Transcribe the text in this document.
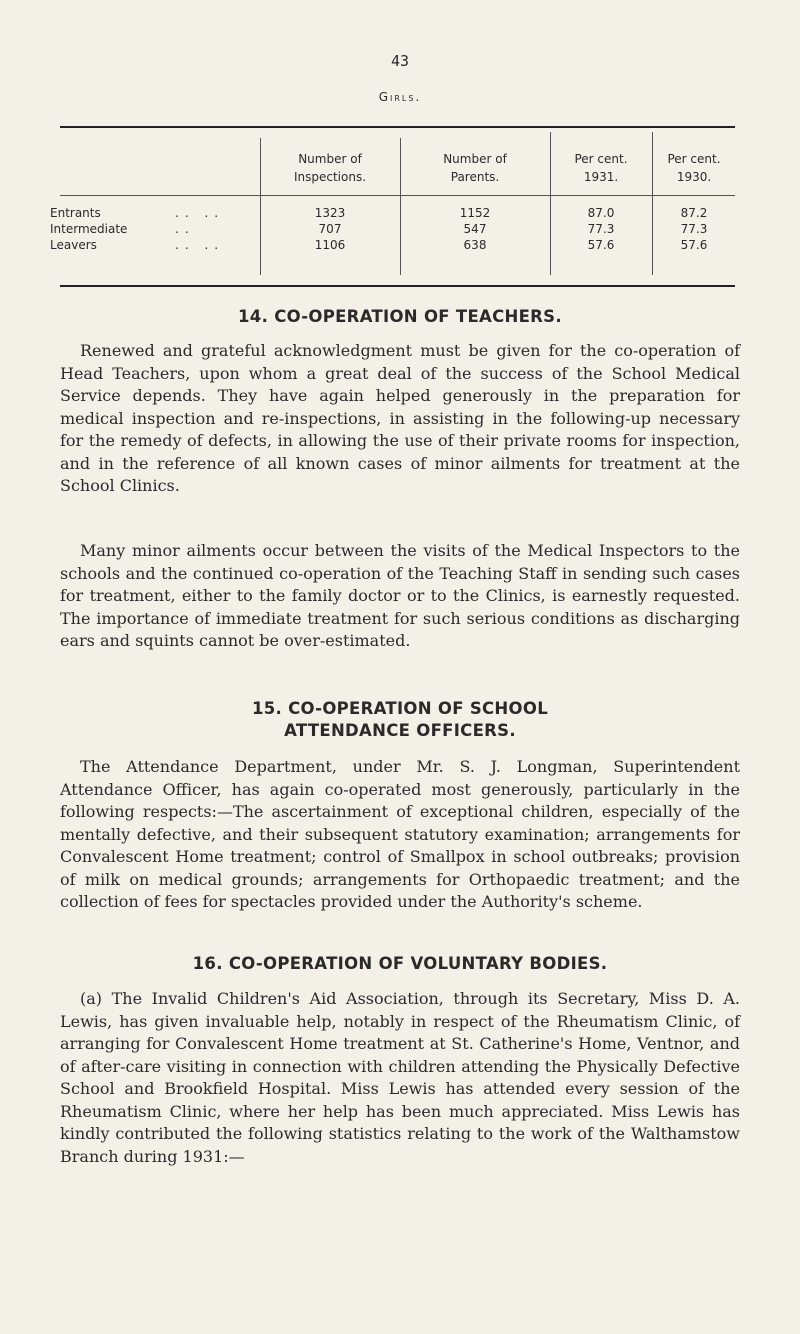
43
Girls.
Number of
Inspections.
Number of
Parents.
Per cent.
1931.
Per cent.
1930.
Entrants	.. ..	1323	1152	87.0	87.2
Intermediate	..	707	547	77.3	77.3
Leavers	.. ..	1106	638	57.6	57.6
14. CO-OPERATION OF TEACHERS.

Renewed and grateful acknowledgment must be given for the co-operation of Head Teachers, upon whom a great deal of the success of the School Medical Service depends. They have again helped generously in the preparation for medical inspection and re-inspections, in assisting in the following-up necessary for the remedy of defects, in allowing the use of their private rooms for inspection, and in the reference of all known cases of minor ailments for treatment at the School Clinics.

Many minor ailments occur between the visits of the Medical Inspectors to the schools and the continued co-operation of the Teaching Staff in sending such cases for treatment, either to the family doctor or to the Clinics, is earnestly requested. The importance of immediate treatment for such serious conditions as discharging ears and squints cannot be over-estimated.

15. CO-OPERATION OF SCHOOL ATTENDANCE OFFICERS.

The Attendance Department, under Mr. S. J. Longman, Superintendent Attendance Officer, has again co-operated most generously, particularly in the following respects:—The ascertainment of exceptional children, especially of the mentally defective, and their subsequent statutory examination; arrangements for Convalescent Home treatment; control of Smallpox in school outbreaks; provision of milk on medical grounds; arrangements for Orthopaedic treatment; and the collection of fees for spectacles provided under the Authority's scheme.

16. CO-OPERATION OF VOLUNTARY BODIES.

(a) The Invalid Children's Aid Association, through its Secretary, Miss D. A. Lewis, has given invaluable help, notably in respect of the Rheumatism Clinic, of arranging for Convalescent Home treatment at St. Catherine's Home, Ventnor, and of after-care visiting in connection with children attending the Physically Defective School and Brookfield Hospital. Miss Lewis has attended every session of the Rheumatism Clinic, where her help has been much appreciated. Miss Lewis has kindly contributed the following statistics relating to the work of the Walthamstow Branch during 1931:—
